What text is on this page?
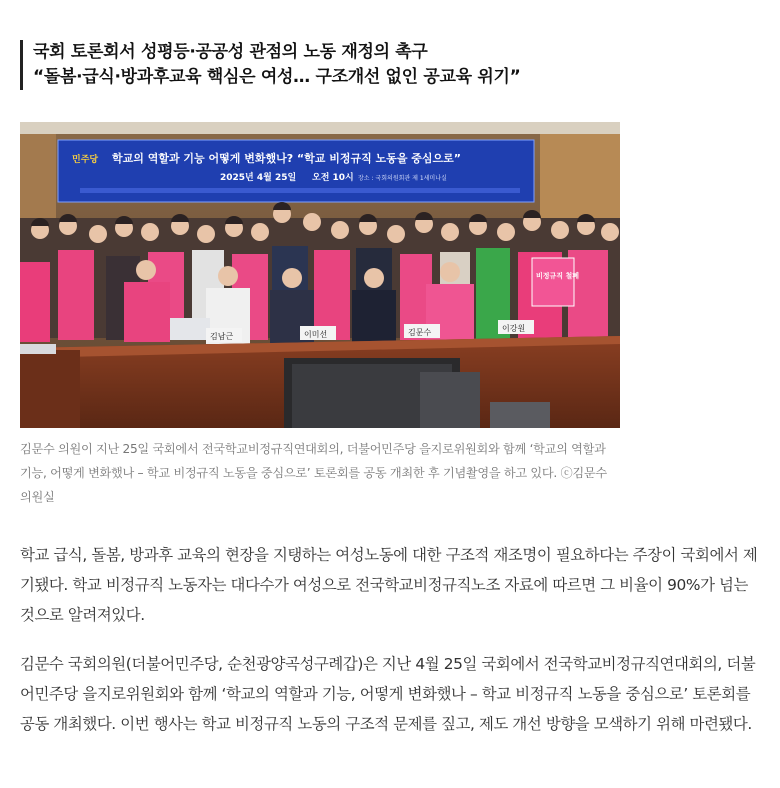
국회 토론회서 성평등·공공성 관점의 노동 재정의 촉구
“돌봄·급식·방과후교육 핵심은 여성… 구조개선 없인 공교육 위기”
민주당 학교의 역할과 기능 어떻게 변화했나? “학교 비정규직 노동을 중심으로”
2025년 4월 25일 오전 10시 장소 : 국회의원회관 제 1세미나실
비정규직 철폐
김남근	이미선	김문수	이강원
김문수 의원이 지난 25일 국회에서 전국학교비정규직연대회의, 더불어민주당 을지로위원회와 함께 ‘학교의 역할과 기능, 어떻게 변화했나 – 학교 비정규직 노동을 중심으로’ 토론회를 공동 개최한 후 기념촬영을 하고 있다. ⓒ김문수 의원실

학교 급식, 돌봄, 방과후 교육의 현장을 지탱하는 여성노동에 대한 구조적 재조명이 필요하다는 주장이 국회에서 제기됐다. 학교 비정규직 노동자는 대다수가 여성으로 전국학교비정규직노조 자료에 따르면 그 비율이 90%가 넘는 것으로 알려져있다.

김문수 국회의원(더불어민주당, 순천광양곡성구례갑)은 지난 4월 25일 국회에서 전국학교비정규직연대회의, 더불어민주당 을지로위원회와 함께 ‘학교의 역할과 기능, 어떻게 변화했나 – 학교 비정규직 노동을 중심으로’ 토론회를 공동 개최했다. 이번 행사는 학교 비정규직 노동의 구조적 문제를 짚고, 제도 개선 방향을 모색하기 위해 마련됐다.
